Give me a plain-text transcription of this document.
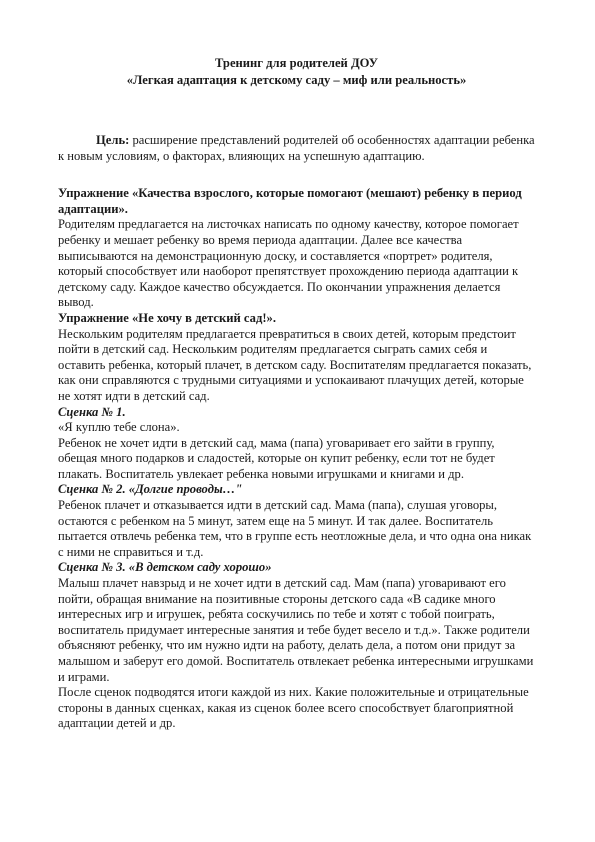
Тренинг для родителей ДОУ

«Легкая адаптация к детскому саду – миф или реальность»

Цель: расширение представлений родителей об особенностях адаптации ребенка к новым условиям, о факторах, влияющих на успешную адаптацию.

Упражнение «Качества взрослого, которые помогают (мешают) ребенку в период адаптации».

Родителям предлагается на листочках написать по одному качеству, которое помогает ребенку и мешает ребенку во время периода адаптации. Далее все качества выписываются на демонстрационную доску, и составляется «портрет» родителя, который способствует или наоборот препятствует прохождению периода адаптации к детскому саду. Каждое качество обсуждается. По окончании упражнения делается вывод.

Упражнение «Не хочу в детский сад!».

Нескольким родителям предлагается превратиться в своих детей, которым предстоит пойти в детский сад. Нескольким родителям предлагается сыграть самих себя и оставить ребенка, который плачет, в детском саду. Воспитателям предлагается показать, как они справляются с трудными ситуациями и успокаивают плачущих детей, которые не хотят идти в детский сад.

Сценка № 1.

«Я куплю тебе слона».

Ребенок не хочет идти в детский сад, мама (папа) уговаривает его зайти в группу, обещая много подарков и сладостей, которые он купит ребенку, если тот не будет плакать. Воспитатель увлекает ребенка новыми игрушками и книгами и др.

Сценка № 2. «Долгие проводы…"

Ребенок плачет и отказывается идти в детский сад. Мама (папа), слушая уговоры, остаются с ребенком на 5 минут, затем еще на 5 минут. И так далее. Воспитатель пытается отвлечь ребенка тем, что в группе есть неотложные дела, и что одна она никак с ними не справиться и т.д.

Сценка № 3. «В детском саду хорошо»

Малыш плачет навзрыд и не хочет идти в детский сад. Мам (папа) уговаривают его пойти, обращая внимание на позитивные стороны детского сада «В садике много интересных игр и игрушек, ребята соскучились по тебе и хотят с тобой поиграть, воспитатель придумает интересные занятия и тебе будет весело и т.д.». Также родители объясняют ребенку, что им нужно идти на работу, делать дела, а потом они придут за малышом и заберут его домой. Воспитатель отвлекает ребенка интересными игрушками и играми.

После сценок подводятся итоги каждой из них. Какие положительные и отрицательные стороны в данных сценках, какая из сценок более всего способствует благоприятной адаптации детей и др.
